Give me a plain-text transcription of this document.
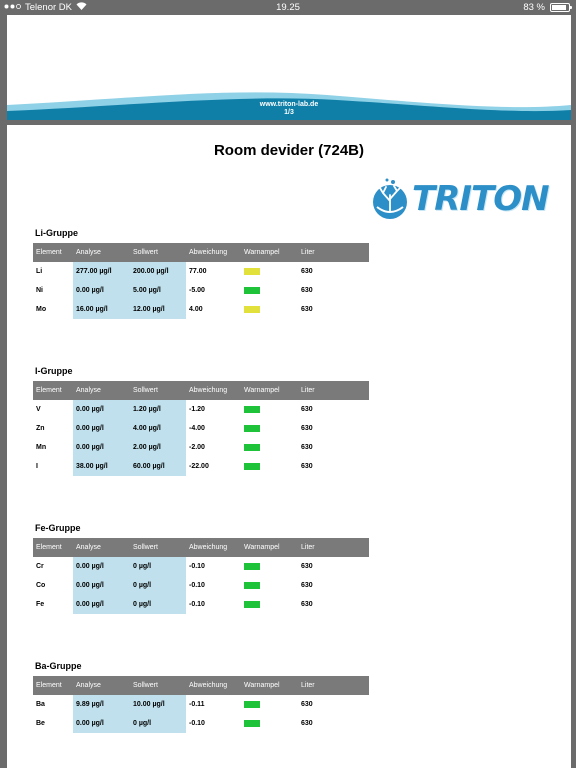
Telenor DK	19.25	83 %
www.triton-lab.de
1/3
Room devider (724B)
TRITON
Li-Gruppe
Element	Analyse	Sollwert	Abweichung	Warnampel	Liter
Li	277.00 µg/l	200.00 µg/l	77.00		630
Ni	0.00 µg/l	5.00 µg/l	-5.00		630
Mo	16.00 µg/l	12.00 µg/l	4.00		630
I-Gruppe
Element	Analyse	Sollwert	Abweichung	Warnampel	Liter
V	0.00 µg/l	1.20 µg/l	-1.20		630
Zn	0.00 µg/l	4.00 µg/l	-4.00		630
Mn	0.00 µg/l	2.00 µg/l	-2.00		630
I	38.00 µg/l	60.00 µg/l	-22.00		630
Fe-Gruppe
Element	Analyse	Sollwert	Abweichung	Warnampel	Liter
Cr	0.00 µg/l	0 µg/l	-0.10		630
Co	0.00 µg/l	0 µg/l	-0.10		630
Fe	0.00 µg/l	0 µg/l	-0.10		630
Ba-Gruppe
Element	Analyse	Sollwert	Abweichung	Warnampel	Liter
Ba	9.89 µg/l	10.00 µg/l	-0.11		630
Be	0.00 µg/l	0 µg/l	-0.10		630
